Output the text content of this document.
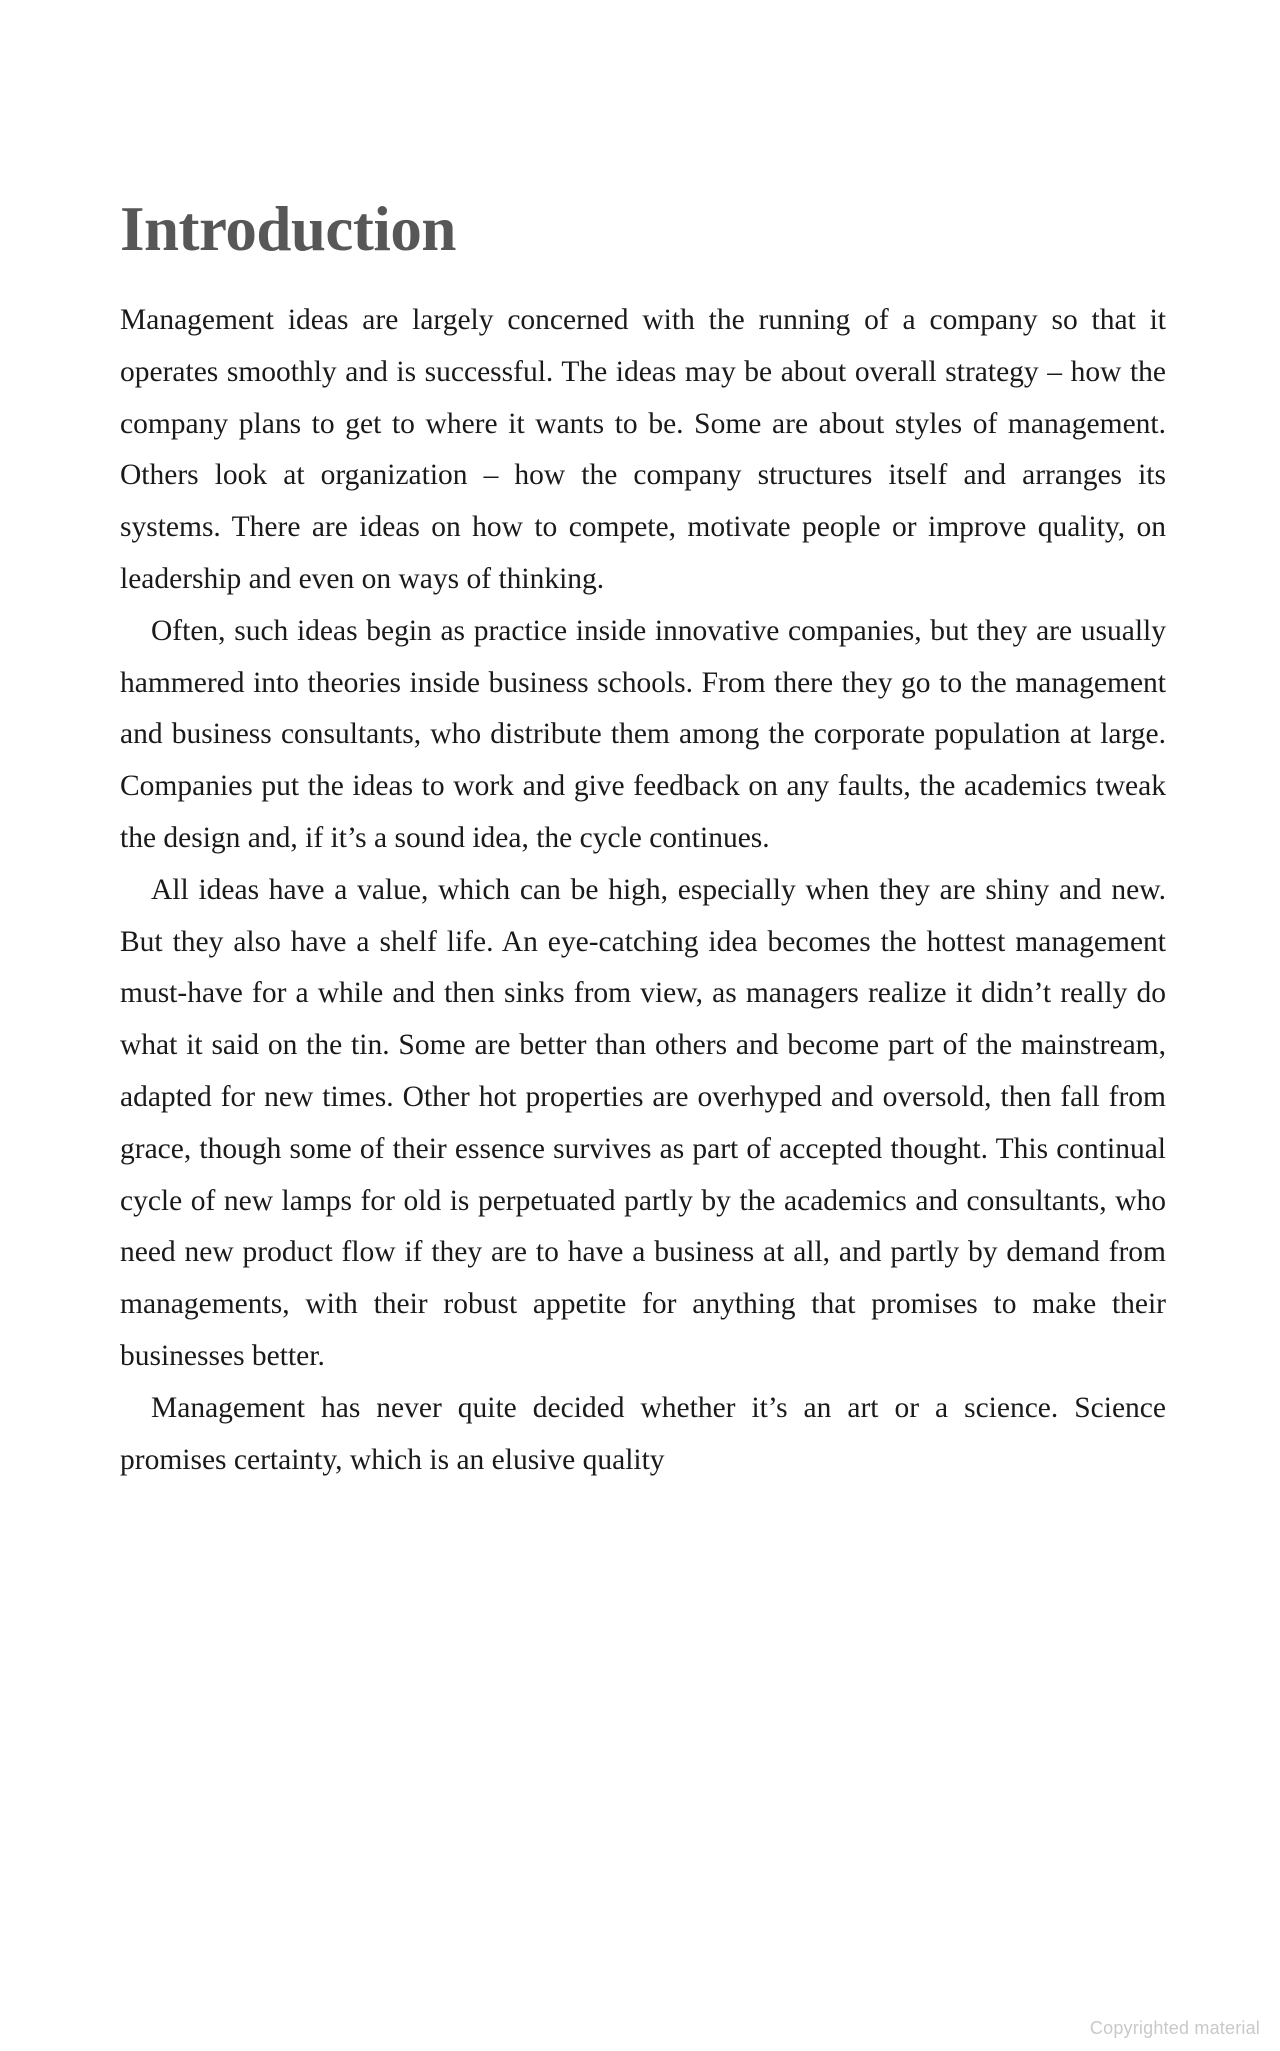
Introduction

Management ideas are largely concerned with the running of a company so that it operates smoothly and is successful. The ideas may be about overall strategy – how the company plans to get to where it wants to be. Some are about styles of management. Others look at organization – how the company structures itself and arranges its systems. There are ideas on how to compete, motivate people or improve quality, on leadership and even on ways of thinking.

Often, such ideas begin as practice inside innovative companies, but they are usually hammered into theories inside business schools. From there they go to the management and business consultants, who distribute them among the corporate population at large. Companies put the ideas to work and give feedback on any faults, the academics tweak the design and, if it’s a sound idea, the cycle continues.

All ideas have a value, which can be high, especially when they are shiny and new. But they also have a shelf life. An eye-catching idea becomes the hottest management must-have for a while and then sinks from view, as managers realize it didn’t really do what it said on the tin. Some are better than others and become part of the mainstream, adapted for new times. Other hot properties are overhyped and oversold, then fall from grace, though some of their essence survives as part of accepted thought. This continual cycle of new lamps for old is perpetuated partly by the academics and consultants, who need new product flow if they are to have a business at all, and partly by demand from managements, with their robust appetite for anything that promises to make their businesses better.

Management has never quite decided whether it’s an art or a science. Science promises certainty, which is an elusive quality

Copyrighted material
